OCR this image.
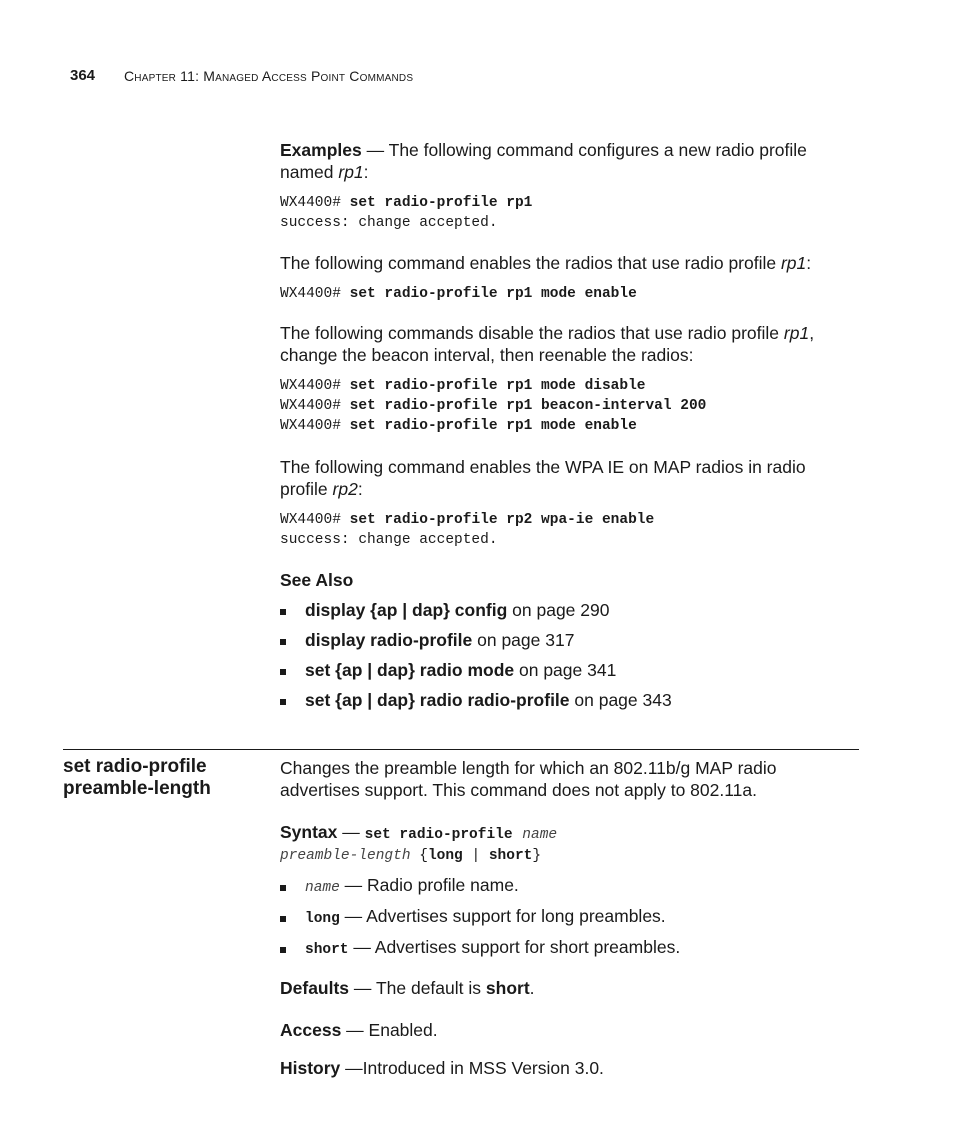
364 Chapter 11: Managed Access Point Commands
Examples — The following command configures a new radio profile
named rp1:
WX4400# set radio-profile rp1
success: change accepted.
The following command enables the radios that use radio profile rp1:
WX4400# set radio-profile rp1 mode enable
The following commands disable the radios that use radio profile rp1,
change the beacon interval, then reenable the radios:
WX4400# set radio-profile rp1 mode disable
WX4400# set radio-profile rp1 beacon-interval 200
WX4400# set radio-profile rp1 mode enable
The following command enables the WPA IE on MAP radios in radio
profile rp2:
WX4400# set radio-profile rp2 wpa-ie enable
success: change accepted.
See Also
display {ap | dap} config on page 290
display radio-profile on page 317
set {ap | dap} radio mode on page 341
set {ap | dap} radio radio-profile on page 343
set radio-profile
preamble-length
Changes the preamble length for which an 802.11b/g MAP radio
advertises support. This command does not apply to 802.11a.
Syntax — set radio-profile name
preamble-length {long | short}
name — Radio profile name.
long — Advertises support for long preambles.
short — Advertises support for short preambles.
Defaults — The default is short.
Access — Enabled.
History —Introduced in MSS Version 3.0.
